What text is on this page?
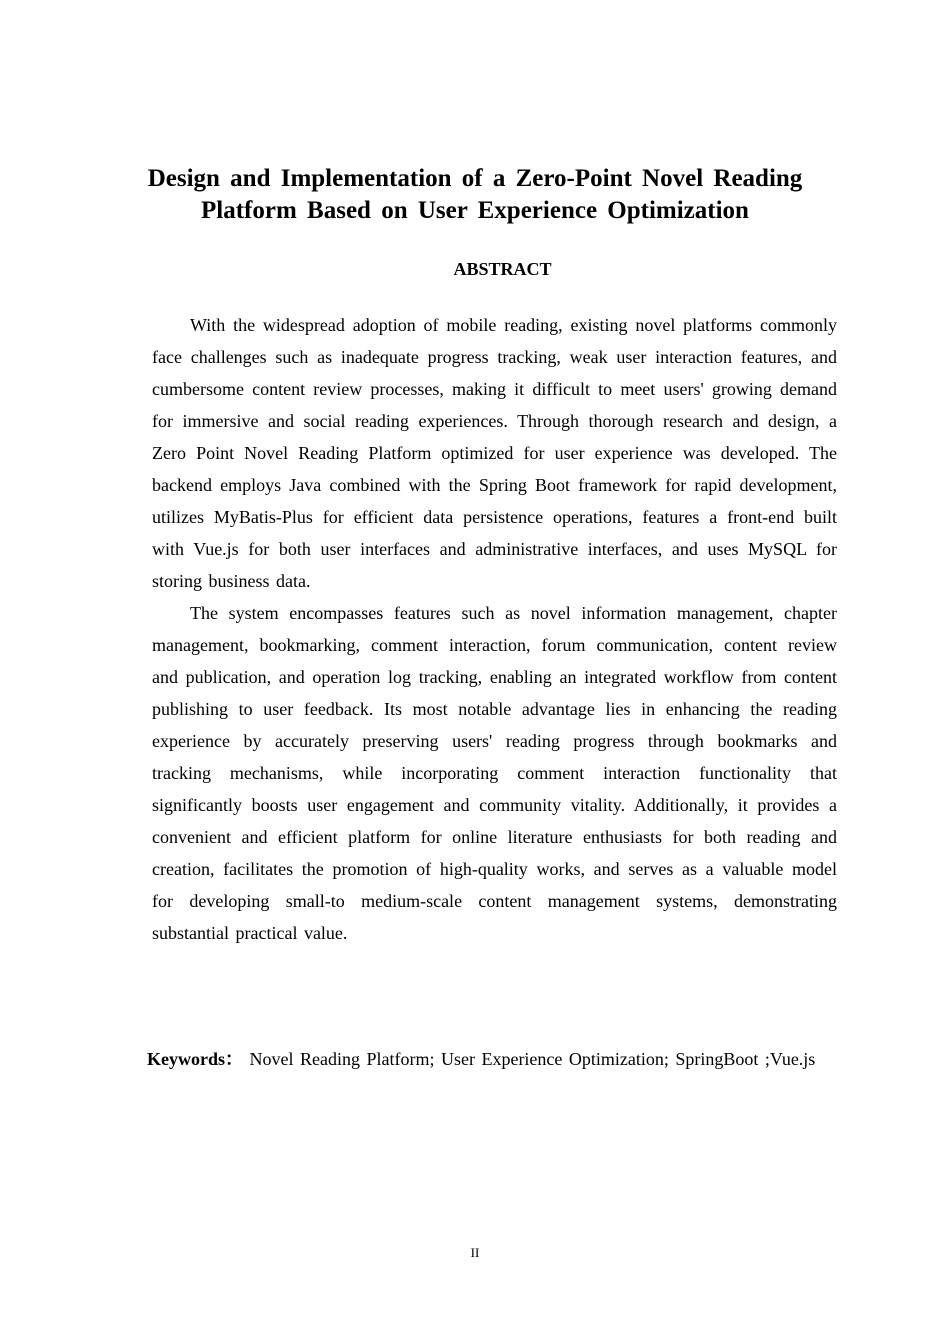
Design and Implementation of a Zero-Point Novel Reading Platform Based on User Experience Optimization
ABSTRACT

With the widespread adoption of mobile reading, existing novel platforms commonly face challenges such as inadequate progress tracking, weak user interaction features, and cumbersome content review processes, making it difficult to meet users' growing demand for immersive and social reading experiences. Through thorough research and design, a Zero Point Novel Reading Platform optimized for user experience was developed. The backend employs Java combined with the Spring Boot framework for rapid development, utilizes MyBatis-Plus for efficient data persistence operations, features a front-end built with Vue.js for both user interfaces and administrative interfaces, and uses MySQL for storing business data.

The system encompasses features such as novel information management, chapter management, bookmarking, comment interaction, forum communication, content review and publication, and operation log tracking, enabling an integrated workflow from content publishing to user feedback. Its most notable advantage lies in enhancing the reading experience by accurately preserving users' reading progress through bookmarks and tracking mechanisms, while incorporating comment interaction functionality that significantly boosts user engagement and community vitality. Additionally, it provides a convenient and efficient platform for online literature enthusiasts for both reading and creation, facilitates the promotion of high-quality works, and serves as a valuable model for developing small-to medium-scale content management systems, demonstrating substantial practical value.

Keywords： Novel Reading Platform; User Experience Optimization; SpringBoot ;Vue.js

II
